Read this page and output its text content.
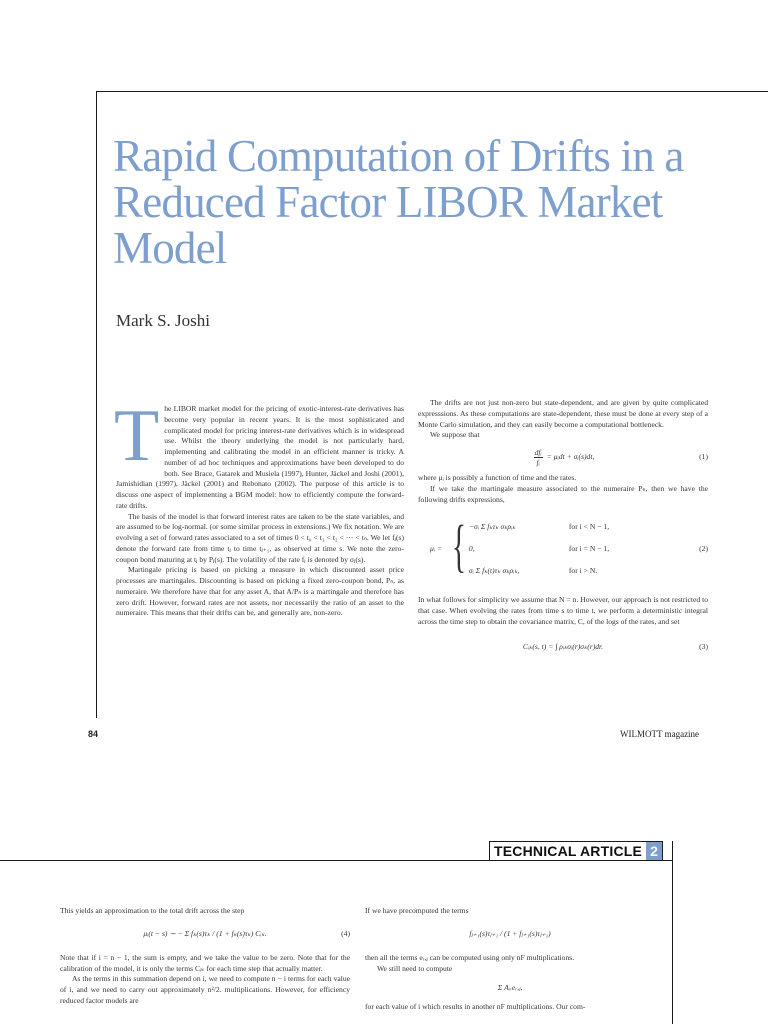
Rapid Computation of Drifts in a Reduced Factor LIBOR Market Model
Mark S. Joshi

The LIBOR market model for the pricing of exotic-interest-rate derivatives has become very popular in recent years. It is the most sophisticated and complicated model for pricing interest-rate derivatives which is in widespread use. Whilst the theory underlying the model is not particularly hard, implementing and calibrating the model in an efficient manner is tricky. A number of ad hoc techniques and approximations have been developed to do both. See Brace, Gatarek and Musiela (1997), Hunter, Jäckel and Joshi (2001), Jamishidian (1997), Jäckel (2001) and Rebonato (2002). The purpose of this article is to discuss one aspect of implementing a BGM model: how to efficiently compute the forward-rate drifts.

The basis of the model is that forward interest rates are taken to be the state variables, and are assumed to be log-normal. (or some similar process in extensions.) We fix notation. We are evolving a set of forward rates associated to a set of times 0 < t₀ < t₁ < t₂ < ··· < tₙ. We let fⱼ(s) denote the forward rate from time tⱼ to time tⱼ₊₁, as observed at time s. We note the zero-coupon bond maturing at tⱼ by Pⱼ(s). The volatility of the rate fⱼ is denoted by σⱼ(s).

Martingale pricing is based on picking a measure in which discounted asset price processes are martingales. Discounting is based on picking a fixed zero-coupon bond, Pₙ, as numeraire. We therefore have that for any asset A, that A/Pₙ is a martingale and therefore has zero drift. However, forward rates are not assets, nor necessarily the ratio of an asset to the numeraire. This means that their drifts can be, and generally are, non-zero.

The drifts are not just non-zero but state-dependent, and are given by quite complicated expresssions. As these computations are state-dependent, these must be done at every step of a Monte Carlo simulation, and they can easily become a computational bottleneck.

We suppose that

$\frac{\text{dfᵢ}}{\text{fᵢ}}$ = μᵢdt + σᵢ(s)dt,	(1)

where μᵢ is possibly a function of time and the rates.

If we take the martingale measure associated to the numeraire Pₙ, then we have the following drifts expressions,

μᵢ = { −σᵢ Σ fₖτₖ σₖρᵢₖ	for i < N − 1,
0,	for i = N − 1,
σᵢ Σ fₖ(t)τₖ σₖρᵢₖ,	for i > N.
(2)

In what follows for simplicity we assume that N = n. However, our approach is not restricted to that case. When evolving the rates from time s to time t, we perform a deterministic integral across the time step to obtain the covariance matrix, C, of the logs of the rates, and set

Cᵢₖ(s, t) = ∫ ρᵢₖσᵢ(r)σₖ(r)dr.	(3)
84	WILMOTT magazine
TECHNICAL ARTICLE 2

This yields an approximation to the total drift across the step

μᵢ(t − s) ∼ − Σ fₖ(s)τₖ / (1 + fₖ(s)τₖ) Cᵢₖ.	(4)

Note that if i = n − 1, the sum is empty, and we take the value to be zero. Note that for the calibration of the model, it is only the terms Cᵢₖ for each time step that actually matter.

As the terms in this summation depend on i, we need to compute n − i terms for each value of i, and we need to carry out approximately n²/2. multiplications. However, for efficiency reduced factor models are

If we have precomputed the terms

fⱼ₊₁(s)τⱼ₊₁ / (1 + fⱼ₊₁(s)τⱼ₊₁)

then all the terms eᵣ,ⱼ can be computed using only nF multiplications.

We still need to compute

Σ Aᵢᵣeᵣ,ⱼ,

for each value of i which results in another nF multiplications. Our com-
